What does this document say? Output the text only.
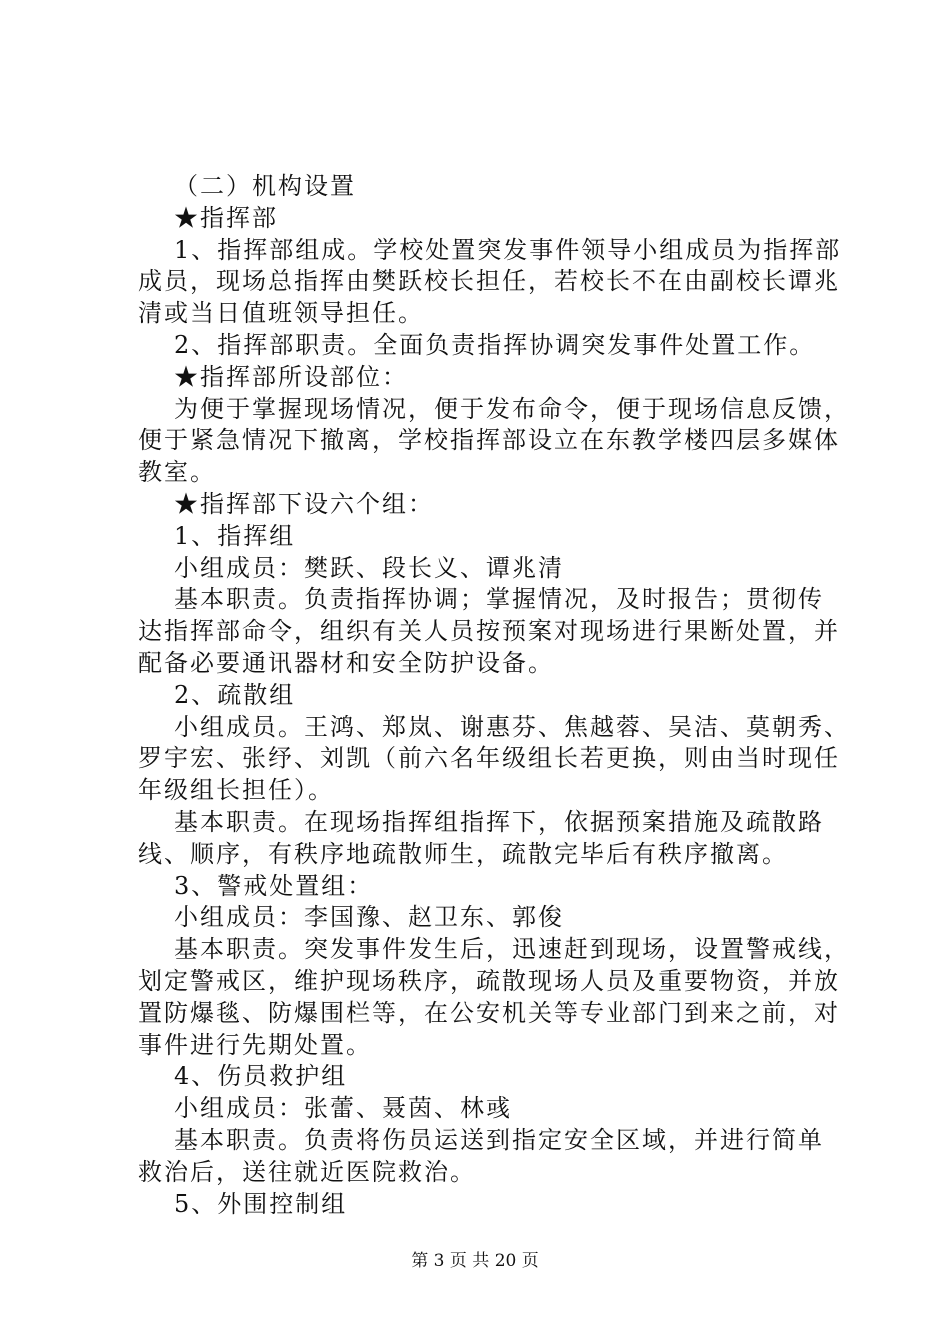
（二）机构设置
★指挥部
1、指挥部组成。学校处置突发事件领导小组成员为指挥部
成员，现场总指挥由樊跃校长担任，若校长不在由副校长谭兆
清或当日值班领导担任。
2、指挥部职责。全面负责指挥协调突发事件处置工作。
★指挥部所设部位：
为便于掌握现场情况，便于发布命令，便于现场信息反馈，
便于紧急情况下撤离，学校指挥部设立在东教学楼四层多媒体
教室。
★指挥部下设六个组：
1、指挥组
小组成员：樊跃、段长义、谭兆清
基本职责。负责指挥协调；掌握情况，及时报告；贯彻传
达指挥部命令，组织有关人员按预案对现场进行果断处置，并
配备必要通讯器材和安全防护设备。
2、疏散组
小组成员。王鸿、郑岚、谢惠芬、焦越蓉、吴洁、莫朝秀、
罗宇宏、张纾、刘凯（前六名年级组长若更换，则由当时现任
年级组长担任）。
基本职责。在现场指挥组指挥下，依据预案措施及疏散路
线、顺序，有秩序地疏散师生，疏散完毕后有秩序撤离。
3、警戒处置组：
小组成员：李国豫、赵卫东、郭俊
基本职责。突发事件发生后，迅速赶到现场，设置警戒线，
划定警戒区，维护现场秩序，疏散现场人员及重要物资，并放
置防爆毯、防爆围栏等，在公安机关等专业部门到来之前，对
事件进行先期处置。
4、伤员救护组
小组成员：张蕾、聂茵、林彧
基本职责。负责将伤员运送到指定安全区域，并进行简单
救治后，送往就近医院救治。
5、外围控制组
第 3 页 共 20 页
